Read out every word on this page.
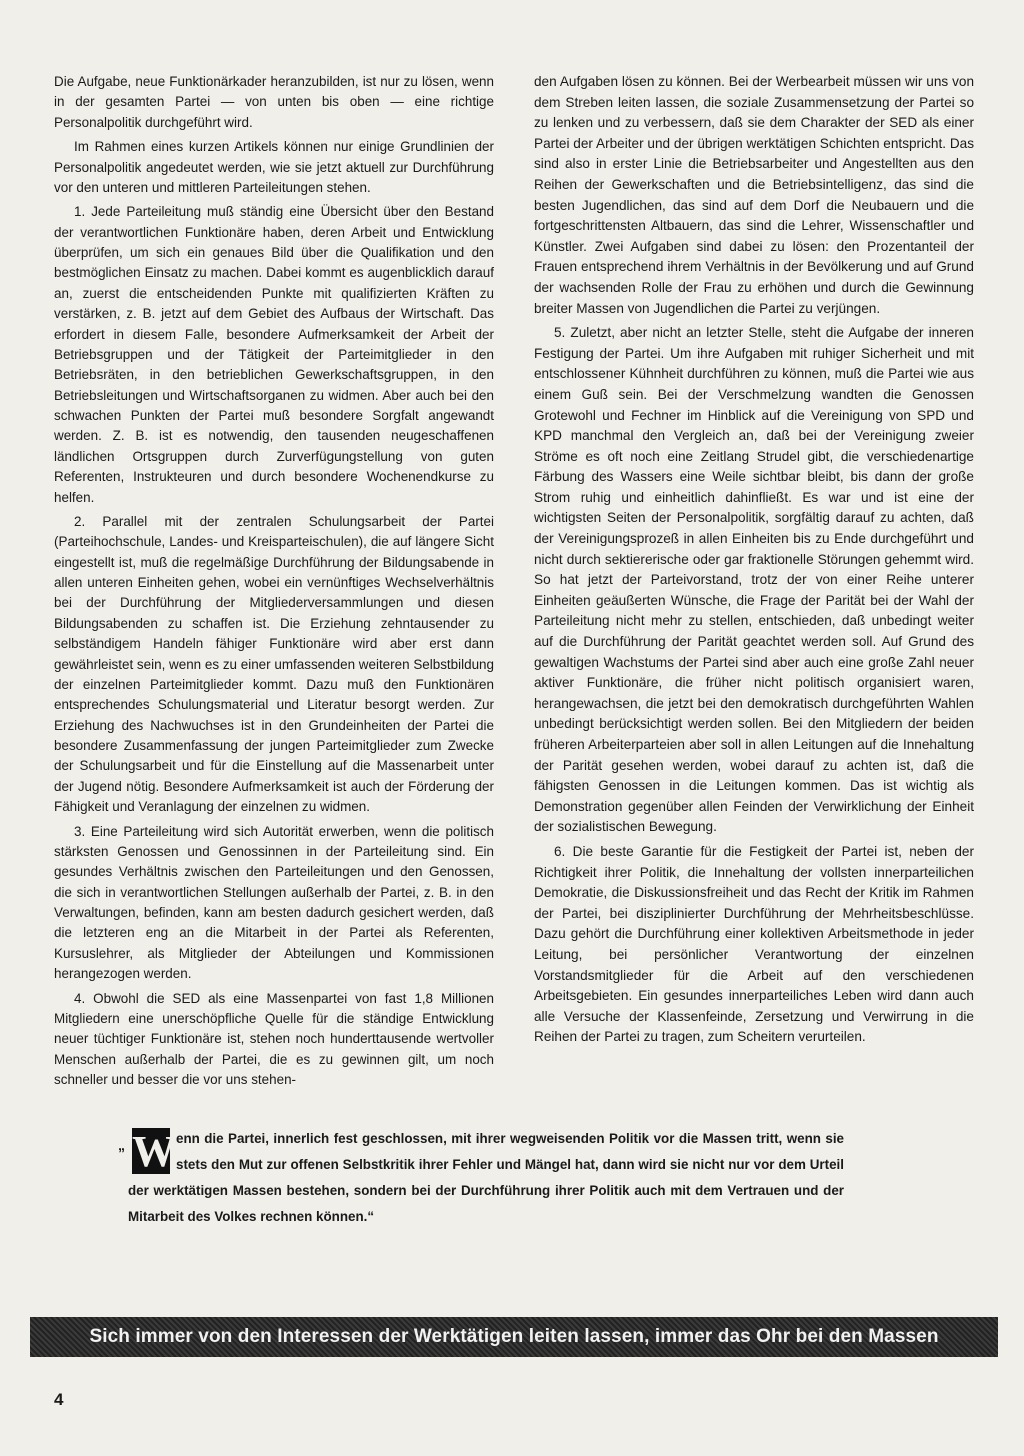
Die Aufgabe, neue Funktionärkader heranzubilden, ist nur zu lösen, wenn in der gesamten Partei — von unten bis oben — eine richtige Personalpolitik durchgeführt wird.

Im Rahmen eines kurzen Artikels können nur einige Grundlinien der Personalpolitik angedeutet werden, wie sie jetzt aktuell zur Durchführung vor den unteren und mittleren Parteileitungen stehen.

1. Jede Parteileitung muß ständig eine Übersicht über den Bestand der verantwortlichen Funktionäre haben, deren Arbeit und Entwicklung überprüfen, um sich ein genaues Bild über die Qualifikation und den bestmöglichen Einsatz zu machen. Dabei kommt es augenblicklich darauf an, zuerst die entscheidenden Punkte mit qualifizierten Kräften zu verstärken, z. B. jetzt auf dem Gebiet des Aufbaus der Wirtschaft. Das erfordert in diesem Falle, besondere Aufmerksamkeit der Arbeit der Betriebsgruppen und der Tätigkeit der Parteimitglieder in den Betriebsräten, in den betrieblichen Gewerkschaftsgruppen, in den Betriebsleitungen und Wirtschaftsorganen zu widmen. Aber auch bei den schwachen Punkten der Partei muß besondere Sorgfalt angewandt werden. Z. B. ist es notwendig, den tausenden neugeschaffenen ländlichen Ortsgruppen durch Zurverfügungstellung von guten Referenten, Instrukteuren und durch besondere Wochenendkurse zu helfen.

2. Parallel mit der zentralen Schulungsarbeit der Partei (Parteihochschule, Landes- und Kreisparteischulen), die auf längere Sicht eingestellt ist, muß die regelmäßige Durchführung der Bildungsabende in allen unteren Einheiten gehen, wobei ein vernünftiges Wechselverhältnis bei der Durchführung der Mitgliederversammlungen und diesen Bildungsabenden zu schaffen ist. Die Erziehung zehntausender zu selbständigem Handeln fähiger Funktionäre wird aber erst dann gewährleistet sein, wenn es zu einer umfassenden weiteren Selbstbildung der einzelnen Parteimitglieder kommt. Dazu muß den Funktionären entsprechendes Schulungsmaterial und Literatur besorgt werden. Zur Erziehung des Nachwuchses ist in den Grundeinheiten der Partei die besondere Zusammenfassung der jungen Parteimitglieder zum Zwecke der Schulungsarbeit und für die Einstellung auf die Massenarbeit unter der Jugend nötig. Besondere Aufmerksamkeit ist auch der Förderung der Fähigkeit und Veranlagung der einzelnen zu widmen.

3. Eine Parteileitung wird sich Autorität erwerben, wenn die politisch stärksten Genossen und Genossinnen in der Parteileitung sind. Ein gesundes Verhältnis zwischen den Parteileitungen und den Genossen, die sich in verantwortlichen Stellungen außerhalb der Partei, z. B. in den Verwaltungen, befinden, kann am besten dadurch gesichert werden, daß die letzteren eng an die Mitarbeit in der Partei als Referenten, Kursuslehrer, als Mitglieder der Abteilungen und Kommissionen herangezogen werden.

4. Obwohl die SED als eine Massenpartei von fast 1,8 Millionen Mitgliedern eine unerschöpfliche Quelle für die ständige Entwicklung neuer tüchtiger Funktionäre ist, stehen noch hunderttausende wertvoller Menschen außerhalb der Partei, die es zu gewinnen gilt, um noch schneller und besser die vor uns stehen-

den Aufgaben lösen zu können. Bei der Werbearbeit müssen wir uns von dem Streben leiten lassen, die soziale Zusammensetzung der Partei so zu lenken und zu verbessern, daß sie dem Charakter der SED als einer Partei der Arbeiter und der übrigen werktätigen Schichten entspricht. Das sind also in erster Linie die Betriebsarbeiter und Angestellten aus den Reihen der Gewerkschaften und die Betriebsintelligenz, das sind die besten Jugendlichen, das sind auf dem Dorf die Neubauern und die fortgeschrittensten Altbauern, das sind die Lehrer, Wissenschaftler und Künstler. Zwei Aufgaben sind dabei zu lösen: den Prozentanteil der Frauen entsprechend ihrem Verhältnis in der Bevölkerung und auf Grund der wachsenden Rolle der Frau zu erhöhen und durch die Gewinnung breiter Massen von Jugendlichen die Partei zu verjüngen.

5. Zuletzt, aber nicht an letzter Stelle, steht die Aufgabe der inneren Festigung der Partei. Um ihre Aufgaben mit ruhiger Sicherheit und mit entschlossener Kühnheit durchführen zu können, muß die Partei wie aus einem Guß sein. Bei der Verschmelzung wandten die Genossen Grotewohl und Fechner im Hinblick auf die Vereinigung von SPD und KPD manchmal den Vergleich an, daß bei der Vereinigung zweier Ströme es oft noch eine Zeitlang Strudel gibt, die verschiedenartige Färbung des Wassers eine Weile sichtbar bleibt, bis dann der große Strom ruhig und einheitlich dahinfließt. Es war und ist eine der wichtigsten Seiten der Personalpolitik, sorgfältig darauf zu achten, daß der Vereinigungsprozeß in allen Einheiten bis zu Ende durchgeführt und nicht durch sektiererische oder gar fraktionelle Störungen gehemmt wird. So hat jetzt der Parteivorstand, trotz der von einer Reihe unterer Einheiten geäußerten Wünsche, die Frage der Parität bei der Wahl der Parteileitung nicht mehr zu stellen, entschieden, daß unbedingt weiter auf die Durchführung der Parität geachtet werden soll. Auf Grund des gewaltigen Wachstums der Partei sind aber auch eine große Zahl neuer aktiver Funktionäre, die früher nicht politisch organisiert waren, herangewachsen, die jetzt bei den demokratisch durchgeführten Wahlen unbedingt berücksichtigt werden sollen. Bei den Mitgliedern der beiden früheren Arbeiterparteien aber soll in allen Leitungen auf die Innehaltung der Parität gesehen werden, wobei darauf zu achten ist, daß die fähigsten Genossen in die Leitungen kommen. Das ist wichtig als Demonstration gegenüber allen Feinden der Verwirklichung der Einheit der sozialistischen Bewegung.

6. Die beste Garantie für die Festigkeit der Partei ist, neben der Richtigkeit ihrer Politik, die Innehaltung der vollsten innerparteilichen Demokratie, die Diskussionsfreiheit und das Recht der Kritik im Rahmen der Partei, bei disziplinierter Durchführung der Mehrheitsbeschlüsse. Dazu gehört die Durchführung einer kollektiven Arbeitsmethode in jeder Leitung, bei persönlicher Verantwortung der einzelnen Vorstandsmitglieder für die Arbeit auf den verschiedenen Arbeitsgebieten. Ein gesundes innerparteiliches Leben wird dann auch alle Versuche der Klassenfeinde, Zersetzung und Verwirrung in die Reihen der Partei zu tragen, zum Scheitern verurteilen.

„ W enn die Partei, innerlich fest geschlossen, mit ihrer wegweisenden Politik vor die Massen tritt, wenn sie stets den Mut zur offenen Selbstkritik ihrer Fehler und Mängel hat, dann wird sie nicht nur vor dem Urteil der werktätigen Massen bestehen, sondern bei der Durchführung ihrer Politik auch mit dem Vertrauen und der Mitarbeit des Volkes rechnen können.“
Sich immer von den Interessen der Werktätigen leiten lassen, immer das Ohr bei den Massen
4
